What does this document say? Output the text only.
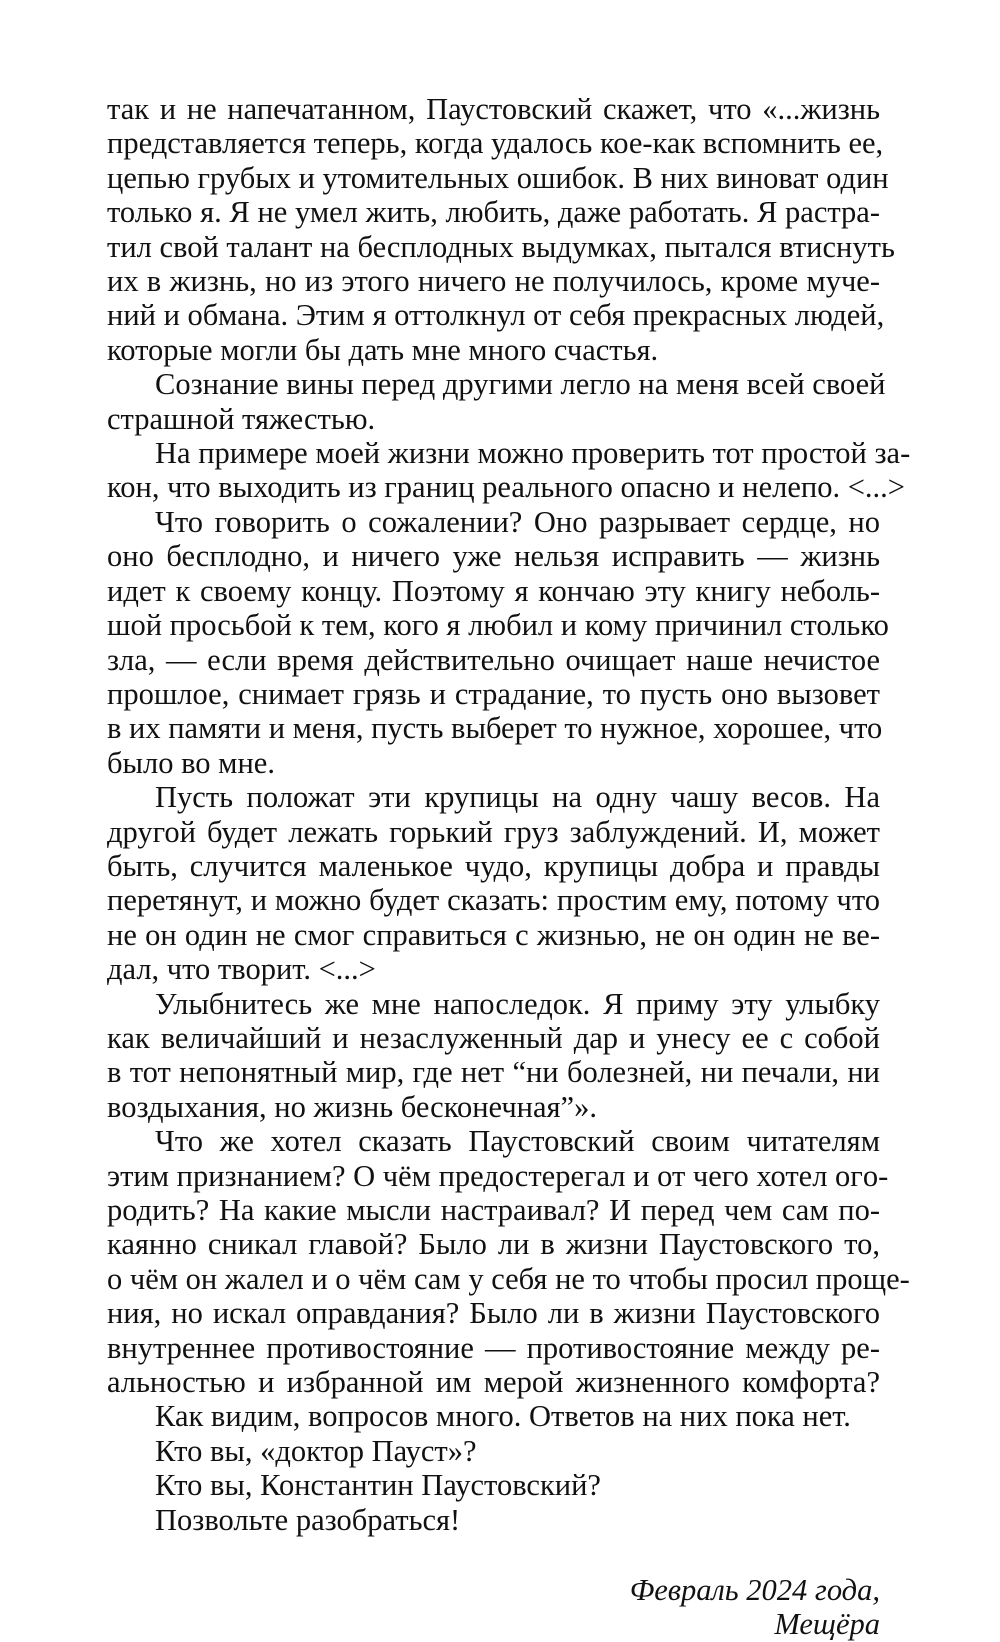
так и не напечатанном, Паустовский скажет, что «...жизнь
представляется теперь, когда удалось кое-как вспомнить ее,
цепью грубых и утомительных ошибок. В них виноват один
только я. Я не умел жить, любить, даже работать. Я растра-
тил свой талант на бесплодных выдумках, пытался втиснуть
их в жизнь, но из этого ничего не получилось, кроме муче-
ний и обмана. Этим я оттолкнул от себя прекрасных людей,
которые могли бы дать мне много счастья.

Сознание вины перед другими легло на меня всей своей
страшной тяжестью.

На примере моей жизни можно проверить тот простой за-
кон, что выходить из границ реального опасно и нелепо. <...>

Что говорить о сожалении? Оно разрывает сердце, но
оно бесплодно, и ничего уже нельзя исправить — жизнь
идет к своему концу. Поэтому я кончаю эту книгу неболь-
шой просьбой к тем, кого я любил и кому причинил столько
зла, — если время действительно очищает наше нечистое
прошлое, снимает грязь и страдание, то пусть оно вызовет
в их памяти и меня, пусть выберет то нужное, хорошее, что
было во мне.

Пусть положат эти крупицы на одну чашу весов. На
другой будет лежать горький груз заблуждений. И, может
быть, случится маленькое чудо, крупицы добра и правды
перетянут, и можно будет сказать: простим ему, потому что
не он один не смог справиться с жизнью, не он один не ве-
дал, что творит. <...>

Улыбнитесь же мне напоследок. Я приму эту улыбку
как величайший и незаслуженный дар и унесу ее с собой
в тот непонятный мир, где нет “ни болезней, ни печали, ни
воздыхания, но жизнь бесконечная”».

Что же хотел сказать Паустовский своим читателям
этим признанием? О чём предостерегал и от чего хотел огo-
родить? На какие мысли настраивал? И перед чем сам по-
каянно сникал главой? Было ли в жизни Паустовского то,
о чём он жалел и о чём сам у себя не то чтобы просил проще-
ния, но искал оправдания? Было ли в жизни Паустовского
внутреннее противостояние — противостояние между ре-
альностью и избранной им мерой жизненного комфорта?

Как видим, вопросов много. Ответов на них пока нет.

Кто вы, «доктор Пауст»?

Кто вы, Константин Паустовский?

Позвольте разобраться!

Февраль 2024 года,
Мещёра
